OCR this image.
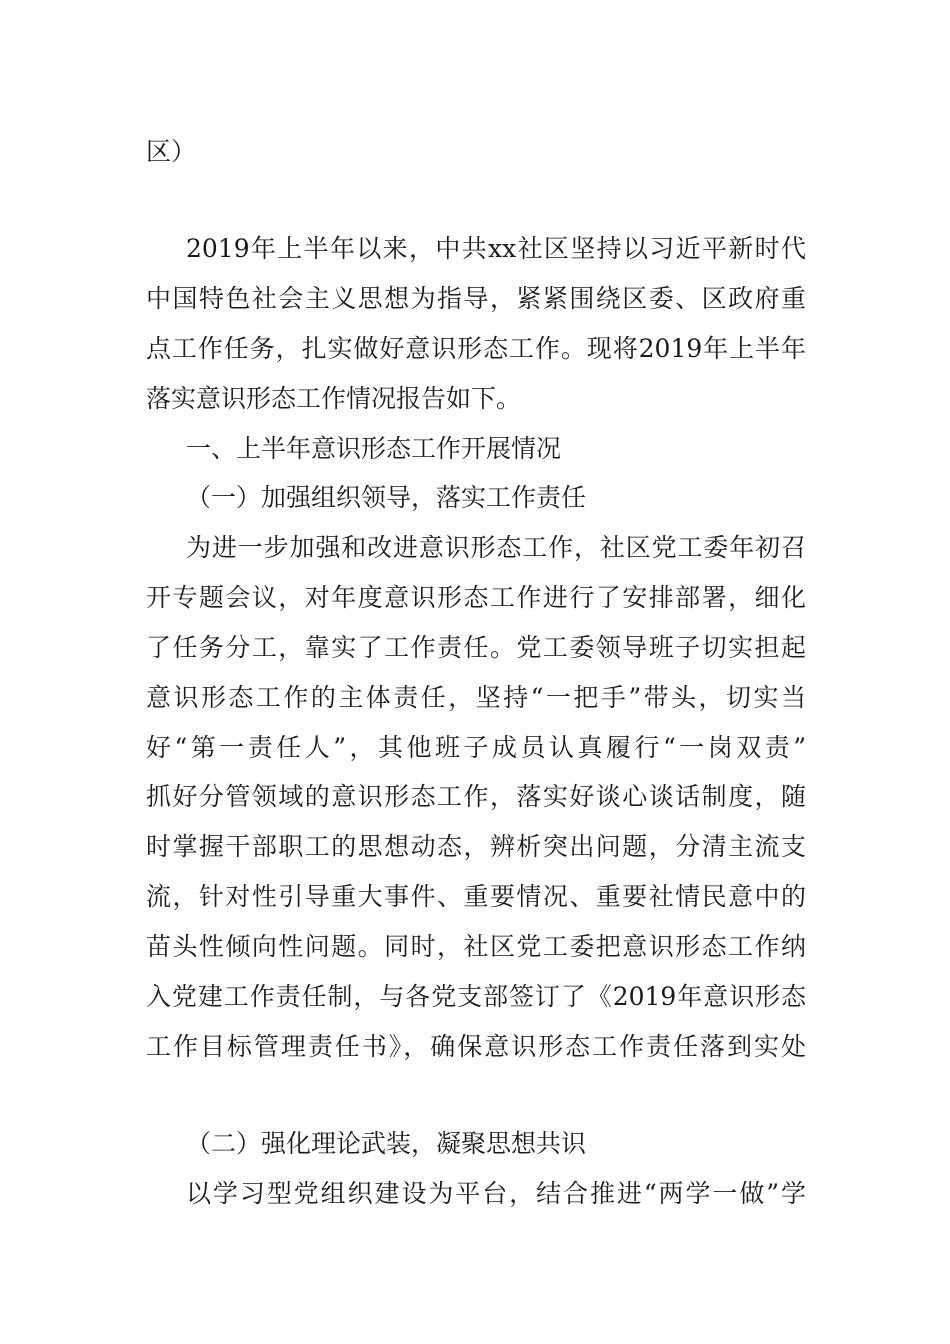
区）
2019年上半年以来，中共xx社区坚持以习近平新时代
中国特色社会主义思想为指导，紧紧围绕区委、区政府重
点工作任务，扎实做好意识形态工作。现将2019年上半年
落实意识形态工作情况报告如下。
一、上半年意识形态工作开展情况
（一）加强组织领导，落实工作责任
为进一步加强和改进意识形态工作，社区党工委年初召
开专题会议，对年度意识形态工作进行了安排部署，细化
了任务分工，靠实了工作责任。党工委领导班子切实担起
意识形态工作的主体责任，坚持“一把手”带头，切实当
好“第一责任人”，其他班子成员认真履行“一岗双责”
抓好分管领域的意识形态工作，落实好谈心谈话制度，随
时掌握干部职工的思想动态，辨析突出问题，分清主流支
流，针对性引导重大事件、重要情况、重要社情民意中的
苗头性倾向性问题。同时，社区党工委把意识形态工作纳
入党建工作责任制，与各党支部签订了《2019年意识形态
工作目标管理责任书》，确保意识形态工作责任落到实处
（二）强化理论武装，凝聚思想共识
以学习型党组织建设为平台，结合推进“两学一做”学
